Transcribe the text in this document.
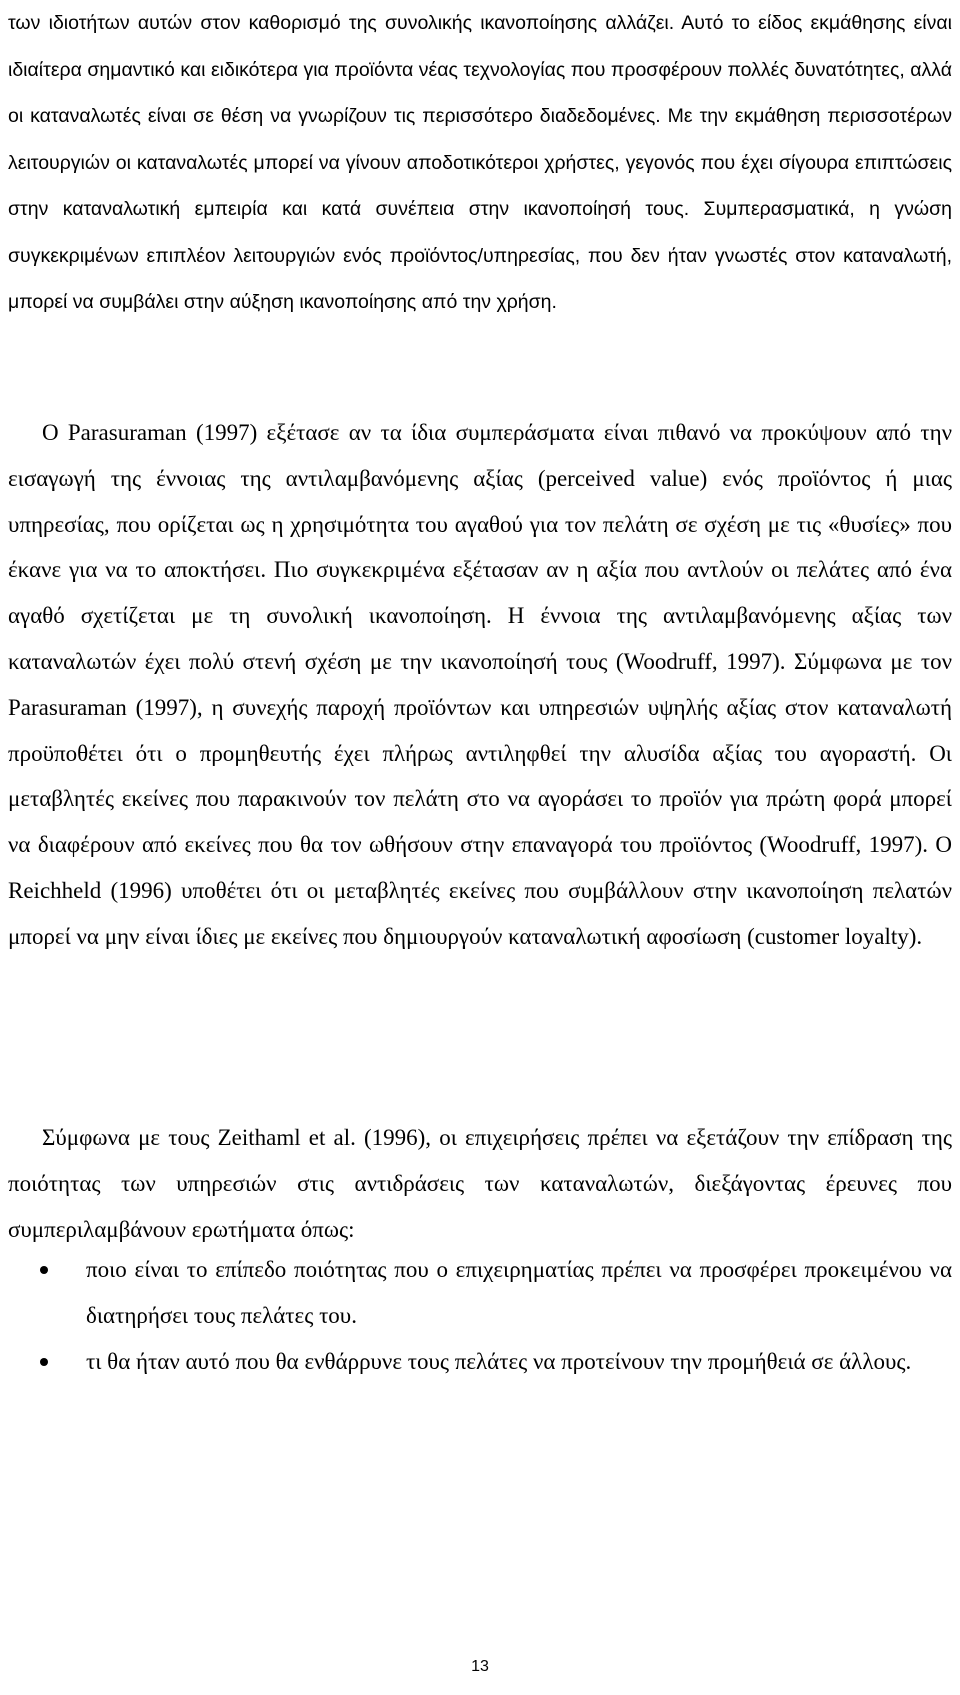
των ιδιοτήτων αυτών στον καθορισμό της συνολικής ικανοποίησης αλλάζει. Αυτό το είδος εκμάθησης είναι ιδιαίτερα σημαντικό και ειδικότερα για προϊόντα νέας τεχνολογίας που προσφέρουν πολλές δυνατότητες, αλλά οι καταναλωτές είναι σε θέση να γνωρίζουν τις περισσότερο διαδεδομένες. Με την εκμάθηση περισσοτέρων λειτουργιών οι καταναλωτές μπορεί να γίνουν αποδοτικότεροι χρήστες, γεγονός που έχει σίγουρα επιπτώσεις στην καταναλωτική εμπειρία και κατά συνέπεια στην ικανοποίησή τους. Συμπερασματικά, η γνώση συγκεκριμένων επιπλέον λειτουργιών ενός προϊόντος/υπηρεσίας, που δεν ήταν γνωστές στον καταναλωτή, μπορεί να συμβάλει στην αύξηση ικανοποίησης από την χρήση.

Ο Parasuraman (1997) εξέτασε αν τα ίδια συμπεράσματα είναι πιθανό να προκύψουν από την εισαγωγή της έννοιας της αντιλαμβανόμενης αξίας (perceived value) ενός προϊόντος ή μιας υπηρεσίας, που ορίζεται ως η χρησιμότητα του αγαθού για τον πελάτη σε σχέση με τις «θυσίες» που έκανε για να το αποκτήσει. Πιο συγκεκριμένα εξέτασαν αν η αξία που αντλούν οι πελάτες από ένα αγαθό σχετίζεται με τη συνολική ικανοποίηση. Η έννοια της αντιλαμβανόμενης αξίας των καταναλωτών έχει πολύ στενή σχέση με την ικανοποίησή τους (Woodruff, 1997). Σύμφωνα με τον Parasuraman (1997), η συνεχής παροχή προϊόντων και υπηρεσιών υψηλής αξίας στον καταναλωτή προϋποθέτει ότι ο προμηθευτής έχει πλήρως αντιληφθεί την αλυσίδα αξίας του αγοραστή. Οι μεταβλητές εκείνες που παρακινούν τον πελάτη στο να αγοράσει το προϊόν για πρώτη φορά μπορεί να διαφέρουν από εκείνες που θα τον ωθήσουν στην επαναγορά του προϊόντος (Woodruff, 1997). Ο Reichheld (1996) υποθέτει ότι οι μεταβλητές εκείνες που συμβάλλουν στην ικανοποίηση πελατών μπορεί να μην είναι ίδιες με εκείνες που δημιουργούν καταναλωτική αφοσίωση (customer loyalty).

Σύμφωνα με τους Zeithaml et al. (1996), οι επιχειρήσεις πρέπει να εξετάζουν την επίδραση της ποιότητας των υπηρεσιών στις αντιδράσεις των καταναλωτών, διεξάγοντας έρευνες που συμπεριλαμβάνουν ερωτήματα όπως:

ποιο είναι το επίπεδο ποιότητας που ο επιχειρηματίας πρέπει να προσφέρει προκειμένου να διατηρήσει τους πελάτες του.
τι θα ήταν αυτό που θα ενθάρρυνε τους πελάτες να προτείνουν την προμήθειά σε άλλους.
13
